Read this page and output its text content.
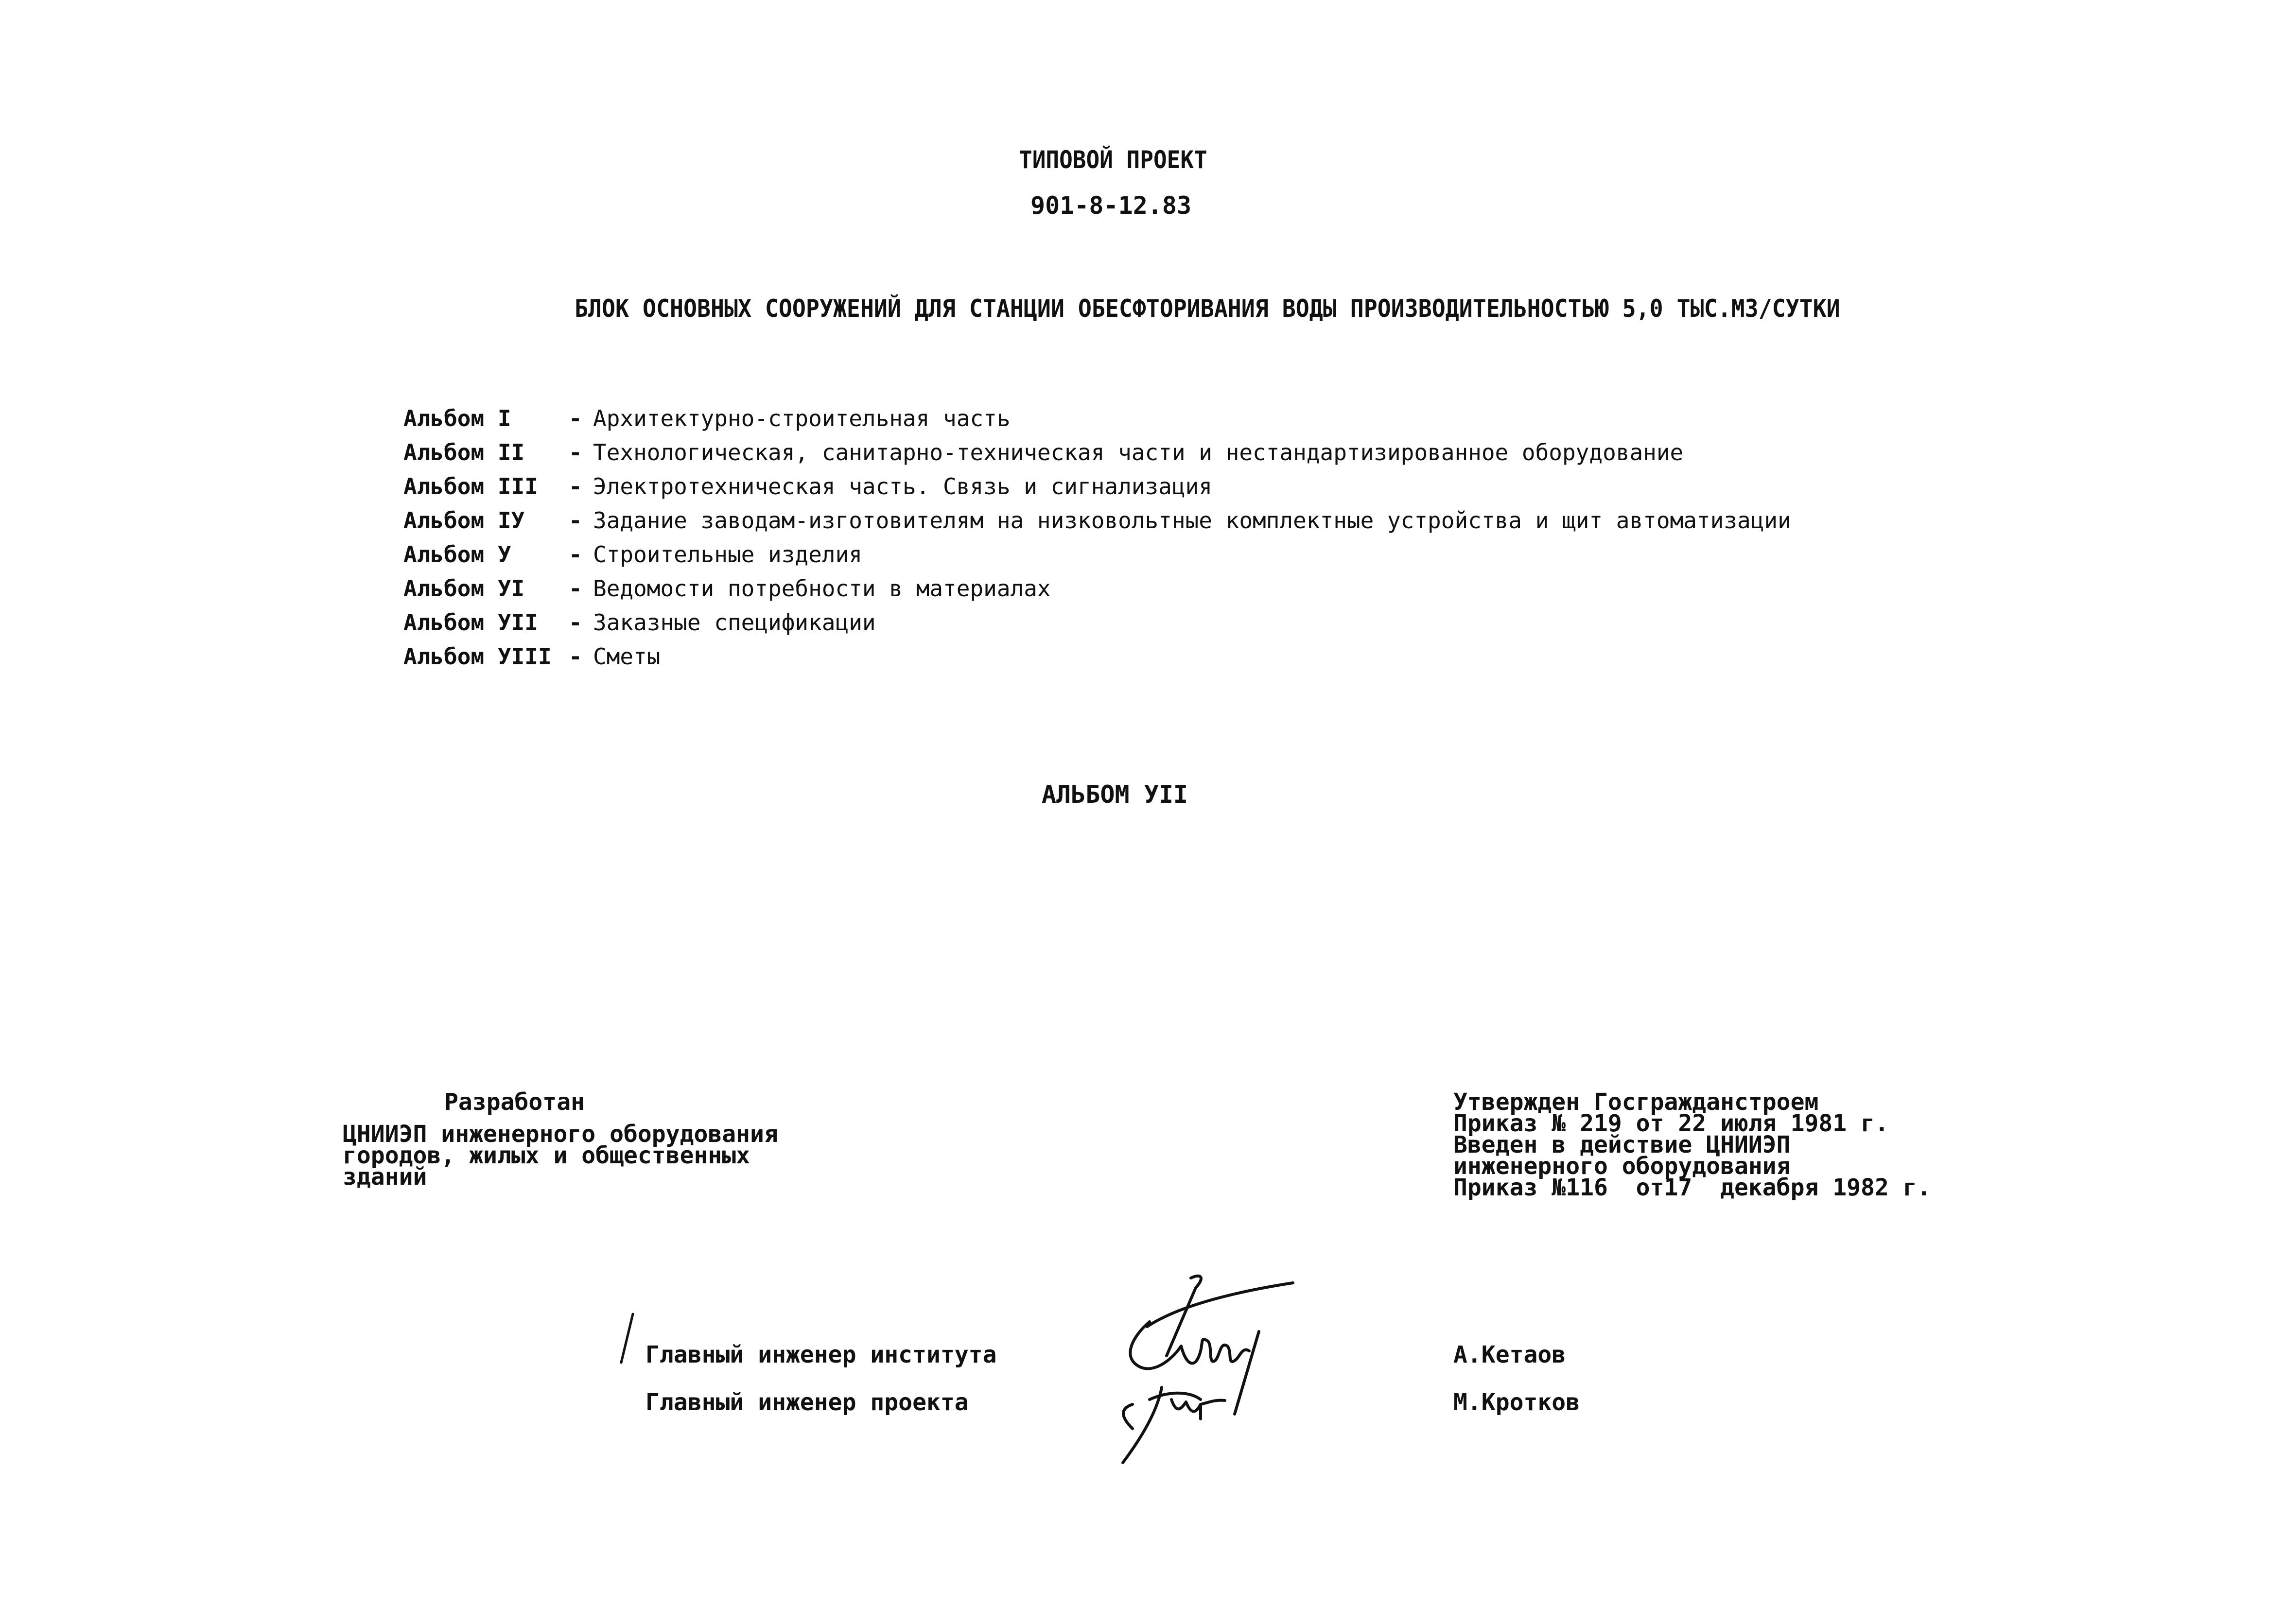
ТИПОВОЙ ПРОЕКТ
901-8-12.83
БЛОК ОСНОВНЫХ СООРУЖЕНИЙ ДЛЯ СТАНЦИИ ОБЕСФТОРИВАНИЯ ВОДЫ ПРОИЗВОДИТЕЛЬНОСТЬЮ 5,0 ТЫС.М3/СУТКИ
Альбом I	- Архитектурно-строительная часть
Альбом II	- Технологическая, санитарно-техническая части и нестандартизированное оборудование
Альбом III	- Электротехническая часть. Связь и сигнализация
Альбом IУ	- Задание заводам-изготовителям на низковольтные комплектные устройства и щит автоматизации
Альбом У	- Строительные изделия
Альбом УI	- Ведомости потребности в материалах
Альбом УII	- Заказные спецификации
Альбом УIII - Сметы
АЛЬБОМ УII
Разработан
ЦНИИЭП инженерного оборудования
городов, жилых и общественных
зданий
Утвержден Госгражданстроем
Приказ № 219 от 22 июля 1981 г.
Введен в действие ЦНИИЭП
инженерного оборудования
Приказ №116  от17  декабря 1982 г.
Главный инженер института	А.Кетаов
Главный инженер проекта	М.Кротков
